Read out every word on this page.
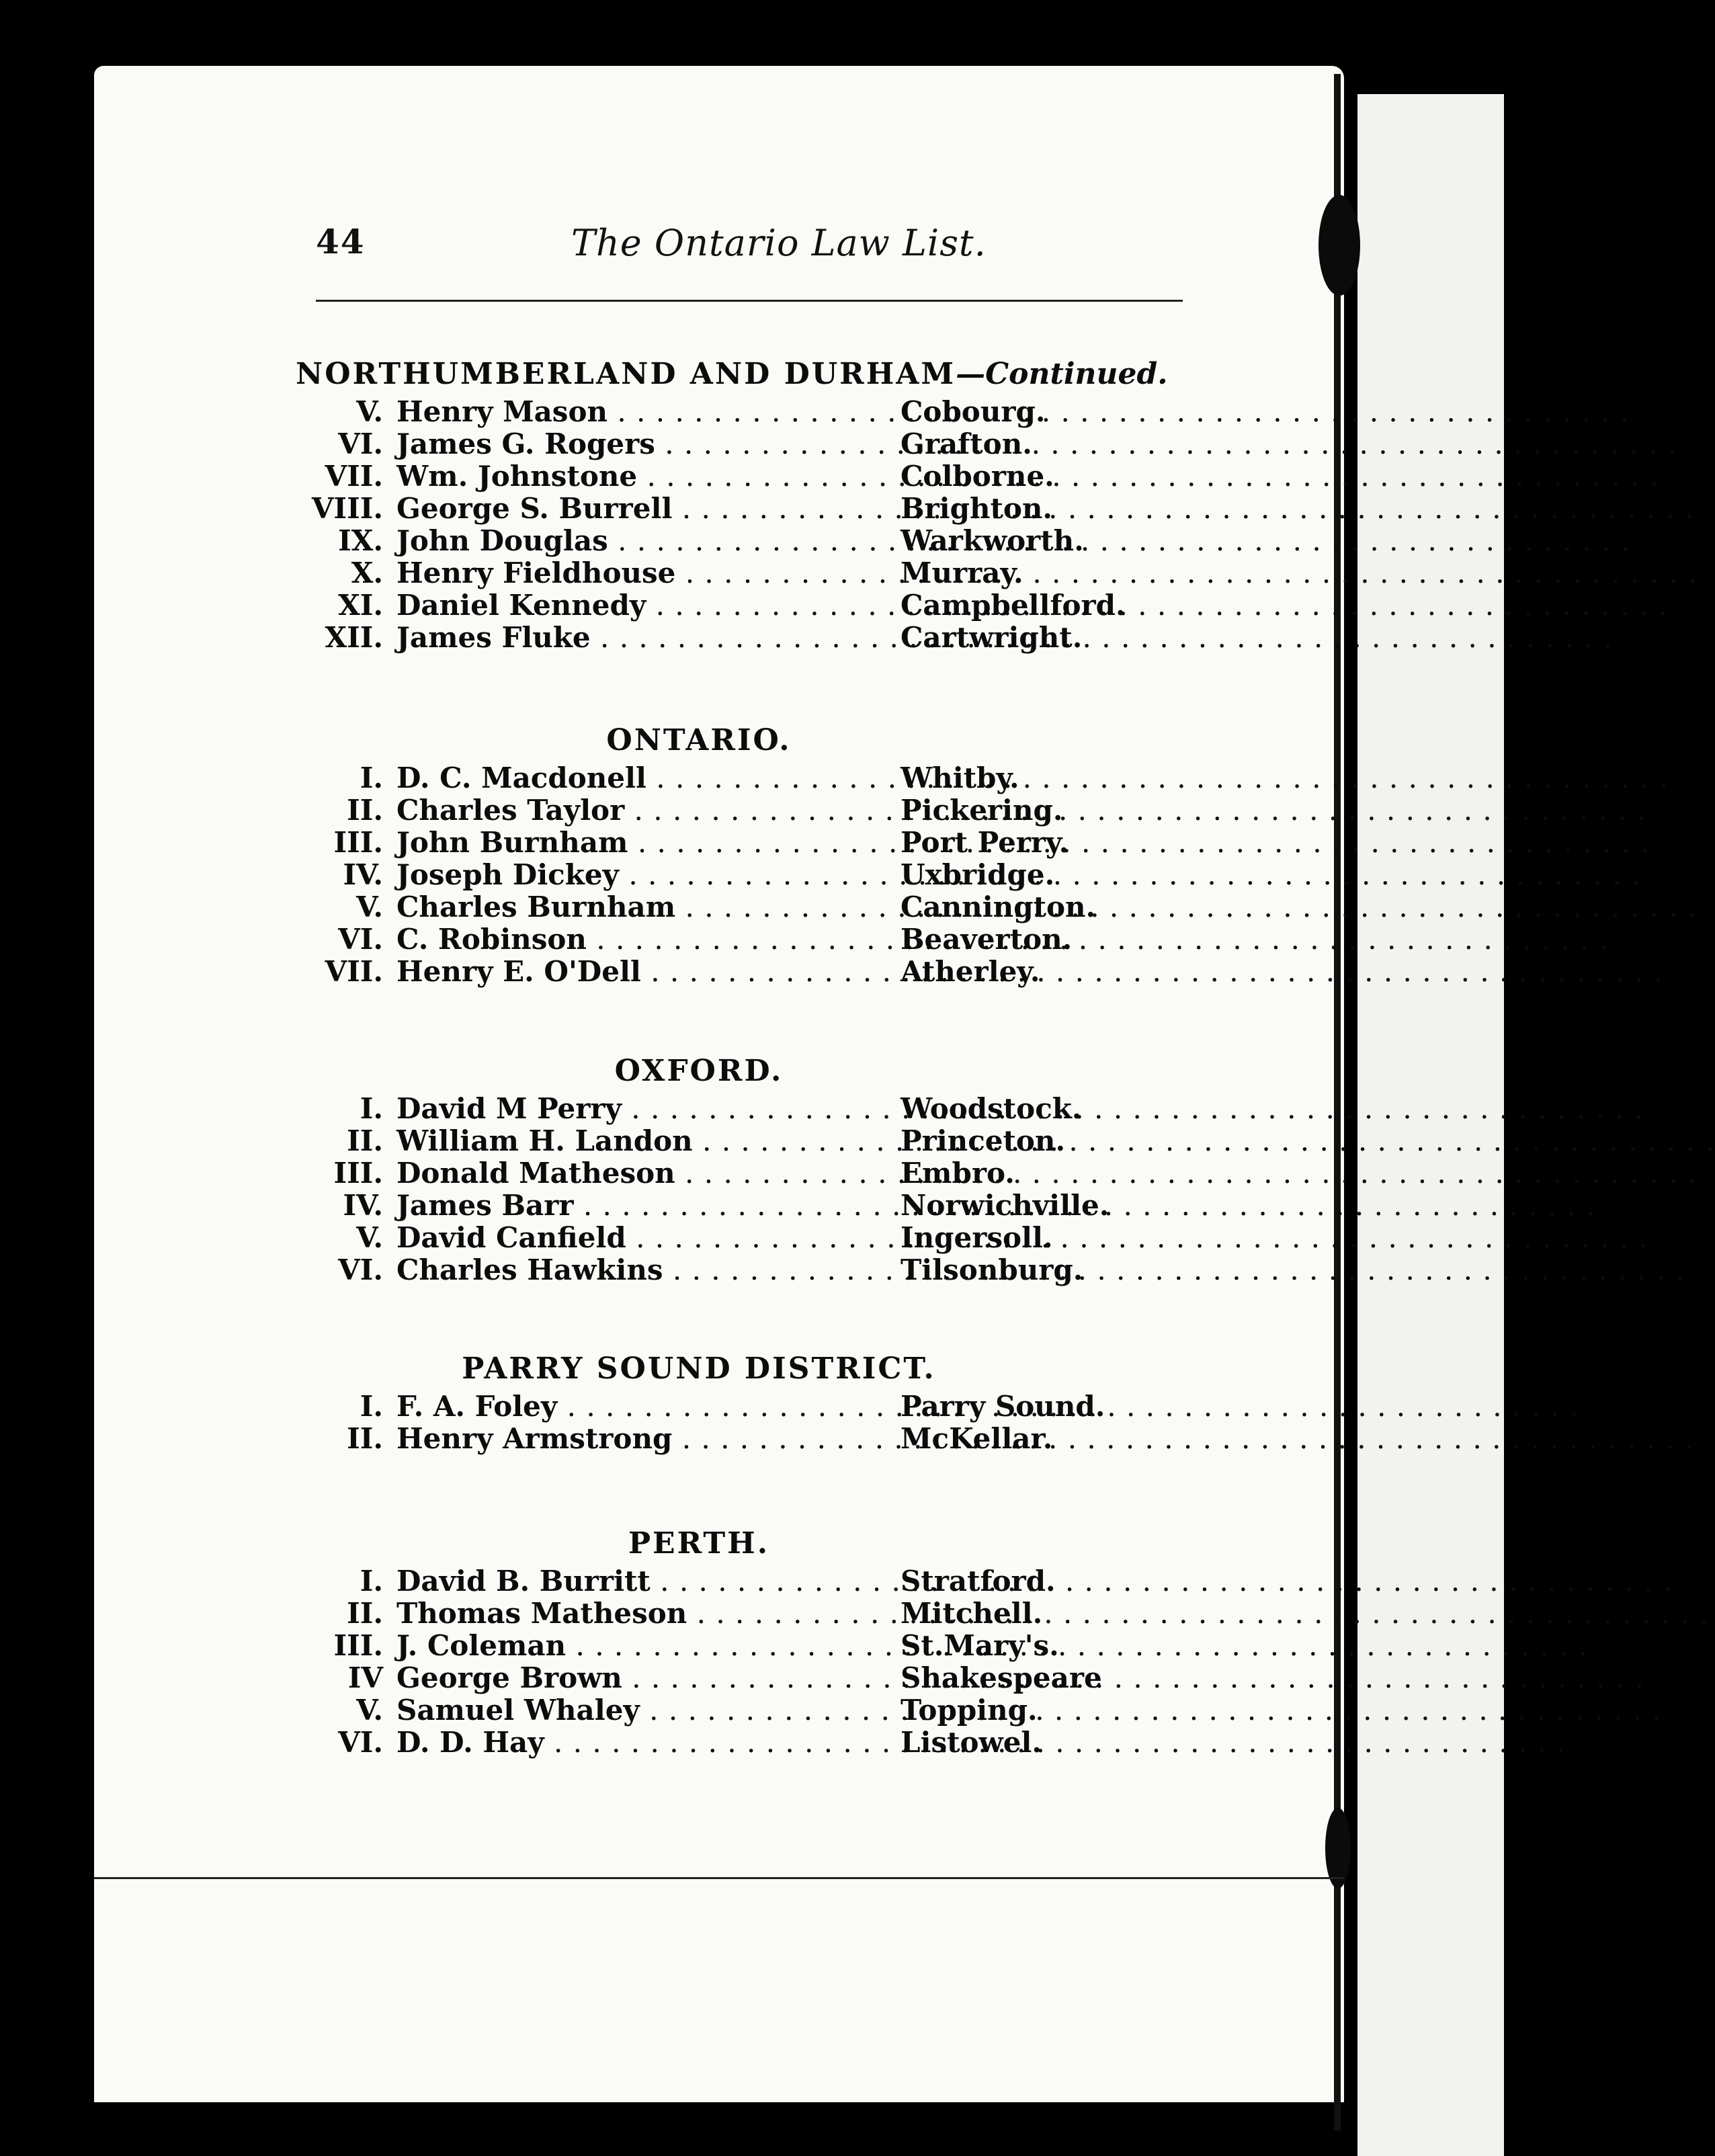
44	The Ontario Law List.
NORTHUMBERLAND AND DURHAM—Continued.
V. Henry Mason . . .	Cobourg.
VI. James G. Rogers . . .	Grafton.
VII. Wm. Johnstone . . .	Colborne.
VIII. George S. Burrell . . .	Brighton.
IX. John Douglas . . .	Warkworth.
X. Henry Fieldhouse . . .	Murray.
XI. Daniel Kennedy . . .	Campbellford.
XII. James Fluke . . .	Cartwright.
ONTARIO.
I. D. C. Macdonell . . .	Whitby.
II. Charles Taylor . . .	Pickering.
III. John Burnham . . .	Port Perry.
IV. Joseph Dickey . . .	Uxbridge.
V. Charles Burnham . . .	Cannington.
VI. C. Robinson . . .	Beaverton.
VII. Henry E. O'Dell . . .	Atherley.
OXFORD.
I. David M Perry . . .	Woodstock.
II. William H. Landon . . .	Princeton.
III. Donald Matheson . . .	Embro.
IV. James Barr . . .	Norwichville.
V. David Canfield . . .	Ingersoll.
VI. Charles Hawkins . . .	Tilsonburg.
PARRY SOUND DISTRICT.
I. F. A. Foley . . .	Parry Sound.
II. Henry Armstrong . . .	McKellar.
PERTH.
I. David B. Burritt . . .	Stratford.
II. Thomas Matheson . . .	Mitchell.
III. J. Coleman . . .	St.Mary's.
IV George Brown . . .	Shakespeare
V. Samuel Whaley . . .	Topping.
VI. D. D. Hay . . .	Listowel.
